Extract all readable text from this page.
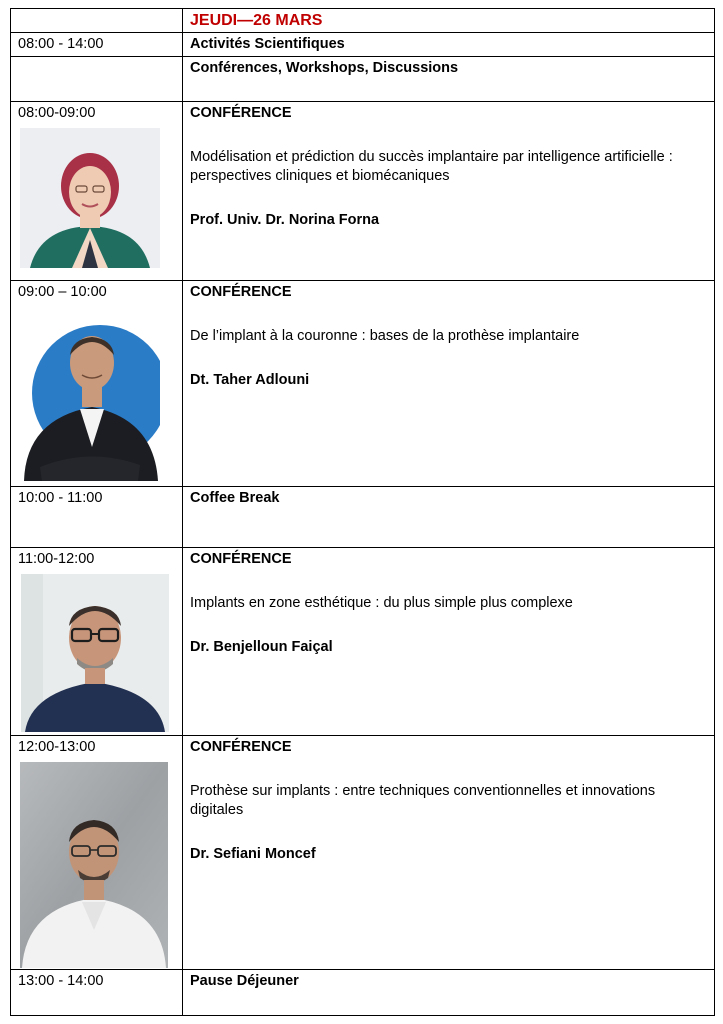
	JEUDI—26 MARS
08:00 - 14:00	Activités Scientifiques
	Conférences, Workshops, Discussions

08:00-09:00	CONFÉRENCE
Modélisation et prédiction du succès implantaire par intelligence artificielle : perspectives cliniques et biomécaniques
Prof. Univ. Dr. Norina Forna

09:00 – 10:00	CONFÉRENCE
De l’implant à la couronne : bases de la prothèse implantaire
Dt. Taher Adlouni

10:00 - 11:00	Coffee Break

11:00-12:00	CONFÉRENCE
Implants en zone esthétique : du plus simple plus complexe
Dr. Benjelloun Faiçal

12:00-13:00	CONFÉRENCE
Prothèse sur implants : entre techniques conventionnelles et innovations digitales
Dr. Sefiani Moncef

13:00 - 14:00	Pause Déjeuner
